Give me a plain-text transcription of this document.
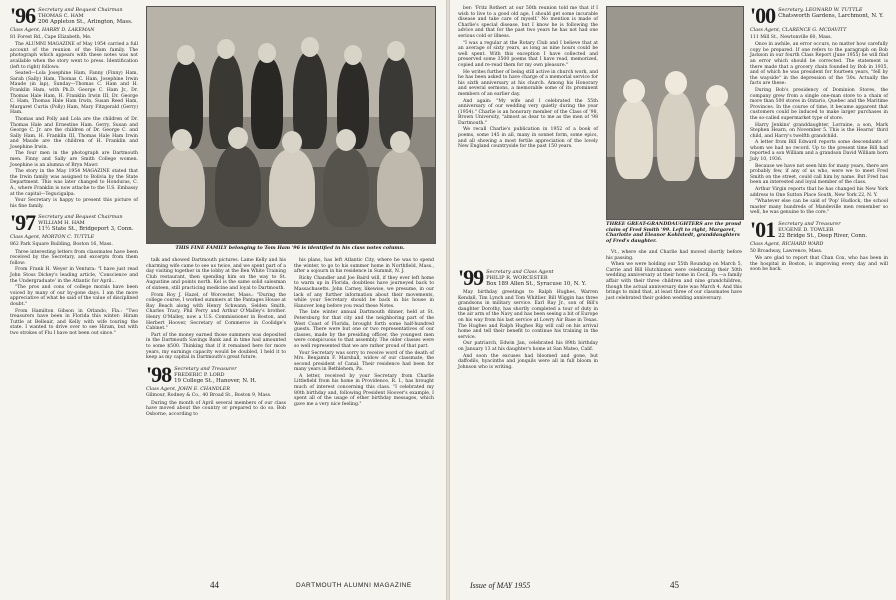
'96 Secretary and Bequest Chairman
THOMAS C. HAM
206 Appleton St., Arlington, Mass.
Class Agent, HARRY D. LAKEMAN
81 Forest Rd., Cape Elizabeth, Me.

The ALUMNI MAGAZINE of May 1954 carried a full account of the reunion of the Ham family. The photograph which appears with these notes was not available when the story went to press. Identification (left to right) follows:

Seated—Lola Josephine Ham, Fanny (Finny) Ham, Sarah (Sally) Ham, Thomas C. Ham, Josephine Irwin Maude (in lap), Sunday—Thomas C. Ham and H. Franklin Ham, with Ph.D. George C. Ham Jr., Dr. Thomas Hale Ham, H. Franklin Irwin III, Dr. George C. Ham, Thomas Hale Ham Irwin, Susan Reed Ham, Margaret Curtis (Polly) Ham, Mary Fitzgerald (Gerry) Ham.

Thomas and Polly and Lola are the children of Dr. Thomas Hale and Ernestine Ham. Gerry, Susan and George C. Jr. are the children of Dr. George C. and Sally Ham. H. Franklin III, Thomas Hale Ham Irwin and Maude are the children of H. Franklin and Josephine Irwin.

The four men in the photograph are Dartmouth men. Finny and Sally are Smith College women. Josephine is an alumna of Bryn Mawr.

The story in the May 1954 MAGAZINE stated that the Irwin family was assigned to Bolivia by the State Department. This was later changed to Honduras, C. A., where Franklin is now attache to the U.S. Embassy at the capital—Tegucigalpa.

Your Secretary is happy to present this picture of his fine family.

'97 Secretary and Bequest Chairman
WILLIAM H. HAM
11½ State St., Bridgeport 3, Conn.
Class Agent, MORTON C. TUTTLE
862 Park Square Building, Boston 16, Mass.

Three interesting letters from classmates have been received by the Secretary, and excerpts from them follow:

From Frank H. Weyer in Ventura: "I have just read John Stoss Dickey's leading article, 'Conscience and the Undergraduate' in the Atlantic for April...

"The pros and cons of college morals have been voiced by many of our by-gone days. I am the more appreciative of what he said of the value of disciplined doubt."

From Hamilton Gibson in Orlando, Fla.: "Two treasurers have been in Florida this winter: Hiram Tuttle at Belleair, and Kelly with wife touring the state. I wanted to drive over to see Hiram, but with two strokes of Flu I have not been out since."

THIS FINE FAMILY belonging to Tom Ham '96 is identified in his class notes column.

talk and showed Dartmouth pictures. Lame Kelly and his charming wife came to see us twice, and we spent part of a day visiting together in the lobby at the Ben White Training Club restaurant, then spending him on the way to St. Augustine and points north. Kel is the same solid salesman of sixteen, still practicing medicine and loyal to Dartmouth.

From Roy J. Hazel, of Worcester, Mass.: "During the college course, I worked summers at the Pantages House at Bay Beach along with Henry Schwann, Selden Smith, Charles Tracy, Phil Perry and Arthur O'Malley's brother. Henry O'Malley, now a U.S. Commissioner in Boston, and Herbert Hoover, Secretary of Commerce in Coolidge's Cabinet."

Part of the money earned those summers was deposited in the Dartmouth Savings Bank and in time had amounted to some $500. Thinking that if it remained here for more years, my earnings capacity would be doubled, I held it to keep as my capital in Dartmouth's great future.

'98 Secretary and Treasurer
FREDERIC P. LORD
19 College St., Hanover, N. H.
Class Agent, JOHN E. CHANDLER
Gilmour, Rodney & Co., 40 Broad St., Boston 9, Mass.

During the month of April several members of our class have moved about the country or prepared to do so. Bob Osborne, according to

his plans, has left Atlantic City, where he was to spend the winter, to go to his summer home in Northfield, Mass., after a sojourn in his residence in Summit, N. J.

Ricky Chandler and Joe Baird will, if they ever left home to warm up in Florida, doubtless have journeyed back to Massachusetts. John Carney, likewise, we presume, in our lack of any further information about their movements, while your Secretary should be back in his house in Hanover long before you read these Notes.

The late winter annual Dartmouth dinner, held at St. Petersburg for that city and the neighboring part of the West Coast of Florida, brought forth some half-hundred guests. There were but one or two representatives of our classes, made by the presiding officer, the youngest men were conspicuous to that assembly. The older classes were so well represented that we are rather proud of that part.

Your Secretary was sorry to receive word of the death of Mrs. Benjamin F. Marshall, widow of our classmate, the second president of Canal. Their residence had been for many years in Bethlehem, Pa.

A letter, received by your Secretary from Charlie Littlefield from his home in Providence, R. I., has brought much of interest concerning this class. "I celebrated my 80th birthday and, following President Hoover's example, I spent all of the usage of ether birthday messages, which gave me a very nice feeling."

44	DARTMOUTH ALUMNI MAGAZINE

ber: 'Fritz Rothert at our 50th reunion told me that if I wish to live to a good old age, I should get some incurable disease and take care of myself.' No mention is made of Charlie's special disease, but I know he is following the advice and that for the past two years he has not had one serious cold or illness.

"I was a regular at the Rotary Club and I believe that at an average of sixty years, as long as nine hours could be well spent. With this exception I have collected and preserved some 3500 poems that I have read, memorized, copied and re-read them for my own pleasure."

He writes further of being still active in church work, and he has been asked to have charge of a memorial service for his sixth anniversary at his church. Among his Honorary and several sermons, a memorable some of its prominent members of an earlier day.

And again: "My wife and I celebrated the 55th anniversary of our wedding very quietly during the year (1954)." Charlie is an honorary member of the Class of '98, Brown University, "almost as dear to me as the men of '98 Dartmouth."

We recall Charlie's publication in 1952 of a book of poems, some 145 in all, many in sonnet form, some epics, and all showing a most fertile appreciation of the lovely New England countryside for the past 150 years.

THREE GREAT-GRANDDAUGHTERS are the proud claim of Fred Smith '99. Left to right, Margaret, Charlotte and Eleanor Kohlstedt, granddaughters of Fred's daughter.
'99 Secretary and Class Agent
PHILIP R. WORCESTER
Box 189 Allen St., Syracuse 10, N. Y.

May birthday greetings to Ralph Hughes, Warren Kendall, Tim Lynch and Tom Whitlier. Bill Wiggin has three grandsons in military service. Earl Ray Jr., son of Bill's daughter Dorothy, has shortly completed a tour of duty in the air arm of the Navy and has been seeing a bit of Europe on his way from his last service at Lowry Air Base in Texas. The Hughes and Ralph Hughes Rip will call on his arrival home and tell their benefit to continue his training in the service.

Our patriarch, Edwin Jan, celebrated his 89th birthday on January 13 at his daughter's home at San Mateo, Calif.

And soon the excuses had bloomed and gone, but daffodils, hyacinths and jonquils were all in full bloom in Johnson who is writing.

Vt., where she and Charlie had moved shortly before his passing.

When we were holding our 55th Roundup on March 5, Carrie and Bill Hutchinson were celebrating their 50th wedding anniversary at their home in Cecil, Pa.—a family affair with their three children and nine grandchildren, though the actual anniversary date was March 4. And this brings to mind that, at least three of our classmates have just celebrated their golden wedding anniversary.

'00 Secretary, LEONARD W. TUTTLE
Chatsworth Gardens, Larchmont, N. Y.
Class Agent, CLARENCE G. MCDAVITT
111 Mill St., Newtonville 60, Mass.

Once in awhile, an error occurs, no matter how carefully copy be prepared. If one refers to the paragraph on Bob Jackson in our fourth Class Report (June 1955) he will find an error which should be corrected. The statement is there made that a grocery chain founded by Bob in 1935, and of which he was president for fourteen years, "fell by the wayside" in the depression of the '30s. Actually the facts are these:

During Bob's presidency of Dominion Stores, the company grew from a single one-man store to a chain of more than 500 stores in Ontario, Quebec and the Maritime Provinces. In the course of time, it became apparent that customers could be induced to make larger purchases in the so-called supermarket type of store.

Harry Jenkins' granddaughter, Lorraine, a son, Mark Stephen Hearn, on November 5. This is the Hearns' third child, and Harry's twelfth grandchild.

A letter from Bill Edward reports some descendants of whom we had no record. Up to the present time Bill had reported a son William and a grandson David William born July 10, 1936.

Because we have not seen him for many years, there are probably few, if any of us who, were we to meet Fred Smith on the street, could call him by name. But Fred has been an interested and loyal member of the class.

Arthur Virgin reports that he has changed his New York address to One Sutton Place South, New York 22, N. Y.

"Whatever else can be said of 'Pop' Hudlock, the school master many hundreds of Mandeville men remember so well, he was genuine to the core."

'01 Secretary and Treasurer
EUGENE D. TOWLER
22 Bridge St., Deep River, Conn.
Class Agent, RICHARD WARD
50 Broadway, Lawrence, Mass.

We are glad to report that Chan Cox, who has been in the hospital in Boston, is improving every day and will soon be back.

Issue of MAY 1955	45
